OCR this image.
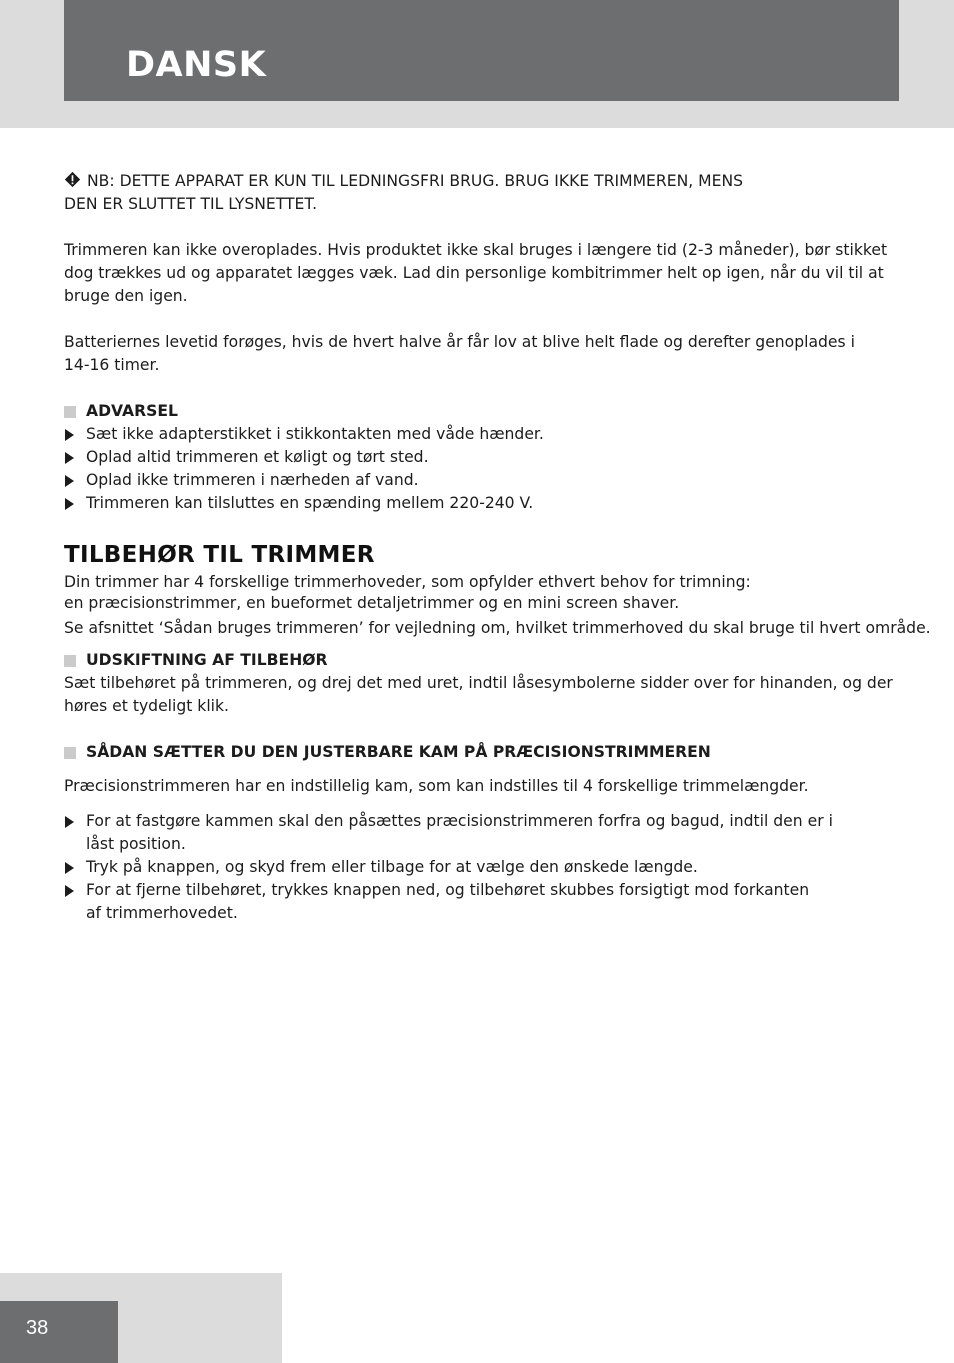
DANSK

NB: DETTE APPARAT ER KUN TIL LEDNINGSFRI BRUG. BRUG IKKE TRIMMEREN, MENS

DEN ER SLUTTET TIL LYSNETTET.

Trimmeren kan ikke overoplades. Hvis produktet ikke skal bruges i længere tid (2-3 måneder), bør stikket

dog trækkes ud og apparatet lægges væk. Lad din personlige kombitrimmer helt op igen, når du vil til at

bruge den igen.

Batteriernes levetid forøges, hvis de hvert halve år får lov at blive helt flade og derefter genoplades i

14-16 timer.

ADVARSEL
Sæt ikke adapterstikket i stikkontakten med våde hænder.
Oplad altid trimmeren et køligt og tørt sted.
Oplad ikke trimmeren i nærheden af vand.
Trimmeren kan tilsluttes en spænding mellem 220-240 V.
TILBEHØR TIL TRIMMER

Din trimmer har 4 forskellige trimmerhoveder, som opfylder ethvert behov for trimning:

en præcisionstrimmer, en bueformet detaljetrimmer og en mini screen shaver.

Se afsnittet ‘Sådan bruges trimmeren’ for vejledning om, hvilket trimmerhoved du skal bruge til hvert område.

UDSKIFTNING AF TILBEHØR

Sæt tilbehøret på trimmeren, og drej det med uret, indtil låsesymbolerne sidder over for hinanden, og der

høres et tydeligt klik.

SÅDAN SÆTTER DU DEN JUSTERBARE KAM PÅ PRÆCISIONSTRIMMEREN

Præcisionstrimmeren har en indstillelig kam, som kan indstilles til 4 forskellige trimmelængder.

For at fastgøre kammen skal den påsættes præcisionstrimmeren forfra og bagud, indtil den er i
låst position.
Tryk på knappen, og skyd frem eller tilbage for at vælge den ønskede længde.
For at fjerne tilbehøret, trykkes knappen ned, og tilbehøret skubbes forsigtigt mod forkanten
af trimmerhovedet.
38
